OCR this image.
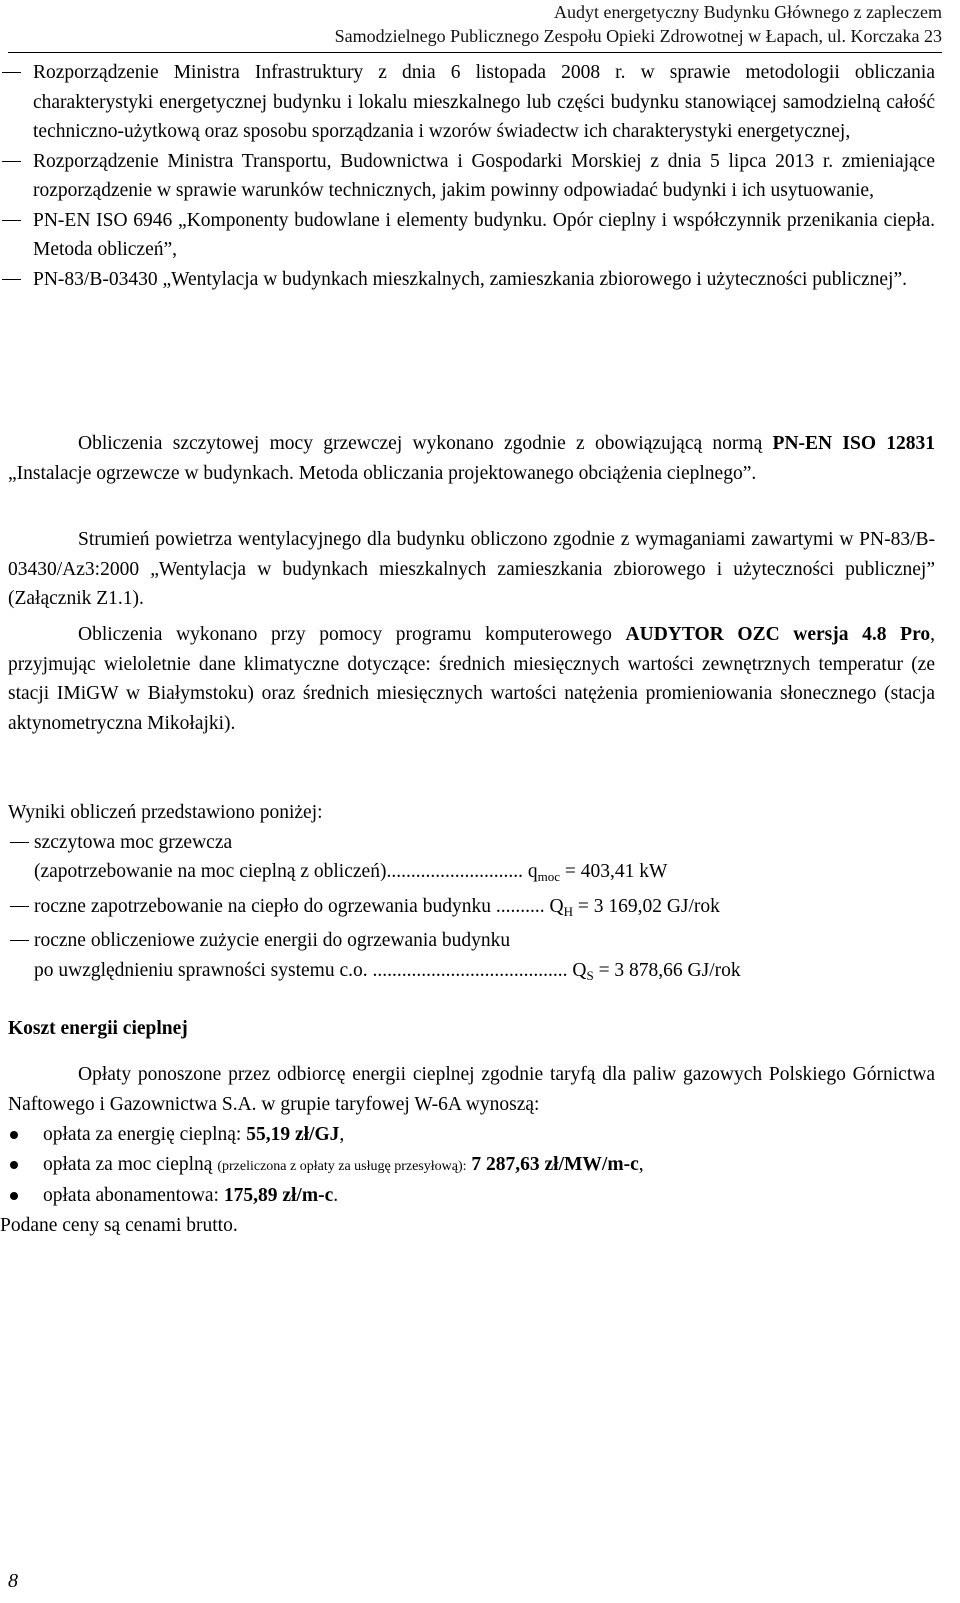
Audyt energetyczny Budynku Głównego z zapleczem
Samodzielnego Publicznego Zespołu Opieki Zdrowotnej w Łapach, ul. Korczaka 23
Rozporządzenie Ministra Infrastruktury z dnia 6 listopada 2008 r. w sprawie metodologii obliczania charakterystyki energetycznej budynku i lokalu mieszkalnego lub części budynku stanowiącej samodzielną całość techniczno-użytkową oraz sposobu sporządzania i wzorów świadectw ich charakterystyki energetycznej,
Rozporządzenie Ministra Transportu, Budownictwa i Gospodarki Morskiej z dnia 5 lipca 2013 r. zmieniające rozporządzenie w sprawie warunków technicznych, jakim powinny odpowiadać budynki i ich usytuowanie,
PN-EN ISO 6946 „Komponenty budowlane i elementy budynku. Opór cieplny i współczynnik przenikania ciepła. Metoda obliczeń”,
PN-83/B-03430 „Wentylacja w budynkach mieszkalnych, zamieszkania zbiorowego i użyteczności publicznej”.
Obliczenia szczytowej mocy grzewczej wykonano zgodnie z obowiązującą normą PN-EN ISO 12831 „Instalacje ogrzewcze w budynkach. Metoda obliczania projektowanego obciążenia cieplnego”.
Strumień powietrza wentylacyjnego dla budynku obliczono zgodnie z wymaganiami zawartymi w PN-83/B-03430/Az3:2000 „Wentylacja w budynkach mieszkalnych zamieszkania zbiorowego i użyteczności publicznej” (Załącznik Z1.1).
Obliczenia wykonano przy pomocy programu komputerowego AUDYTOR OZC wersja 4.8 Pro, przyjmując wieloletnie dane klimatyczne dotyczące: średnich miesięcznych wartości zewnętrznych temperatur (ze stacji IMiGW w Białymstoku) oraz średnich miesięcznych wartości natężenia promieniowania słonecznego (stacja aktynometryczna Mikołajki).
Wyniki obliczeń przedstawiono poniżej:
szczytowa moc grzewcza
(zapotrzebowanie na moc cieplną z obliczeń)............................ $q_{moc} = 403,41$ kW
roczne zapotrzebowanie na ciepło do ogrzewania budynku .......... $Q_H = 3$ 169,02 GJ/rok
roczne obliczeniowe zużycie energii do ogrzewania budynku
po uwzględnieniu sprawności systemu c.o. ........................................ $Q_S = 3$ 878,66 GJ/rok
Koszt energii cieplnej
Opłaty ponoszone przez odbiorcę energii cieplnej zgodnie taryfą dla paliw gazowych Polskiego Górnictwa Naftowego i Gazownictwa S.A. w grupie taryfowej W-6A wynoszą:
opłata za energię cieplną: 55,19 zł/GJ,
opłata za moc cieplną (przeliczona z opłaty za usługę przesyłową): 7 287,63 zł/MW/m-c,
opłata abonamentowa: 175,89 zł/m-c.
Podane ceny są cenami brutto.
8
